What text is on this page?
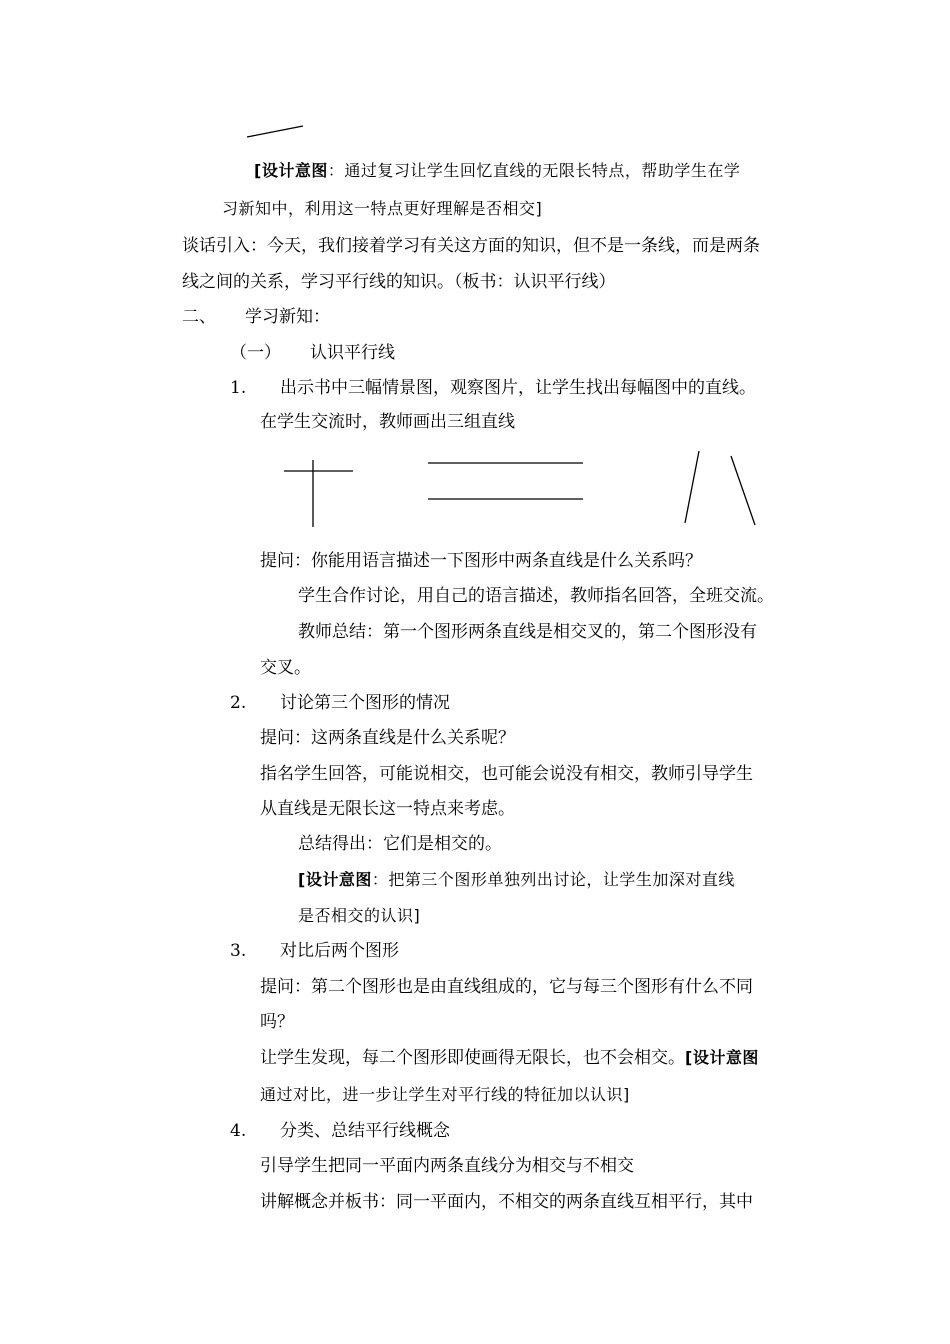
[设计意图：通过复习让学生回忆直线的无限长特点，帮助学生在学
习新知中，利用这一特点更好理解是否相交]
谈话引入：今天，我们接着学习有关这方面的知识，但不是一条线，而是两条
线之间的关系，学习平行线的知识。（板书：认识平行线）
二、 学习新知：
（一） 认识平行线
1. 出示书中三幅情景图，观察图片，让学生找出每幅图中的直线。
在学生交流时，教师画出三组直线
提问：你能用语言描述一下图形中两条直线是什么关系吗？
学生合作讨论，用自己的语言描述，教师指名回答，全班交流。
教师总结：第一个图形两条直线是相交叉的，第二个图形没有
交叉。
2. 讨论第三个图形的情况
提问：这两条直线是什么关系呢？
指名学生回答，可能说相交，也可能会说没有相交，教师引导学生
从直线是无限长这一特点来考虑。
总结得出：它们是相交的。
[设计意图：把第三个图形单独列出讨论，让学生加深对直线
是否相交的认识]
3. 对比后两个图形
提问：第二个图形也是由直线组成的，它与每三个图形有什么不同
吗？
让学生发现，每二个图形即使画得无限长，也不会相交。[设计意图
通过对比，进一步让学生对平行线的特征加以认识]
4. 分类、总结平行线概念
引导学生把同一平面内两条直线分为相交与不相交
讲解概念并板书：同一平面内，不相交的两条直线互相平行，其中
